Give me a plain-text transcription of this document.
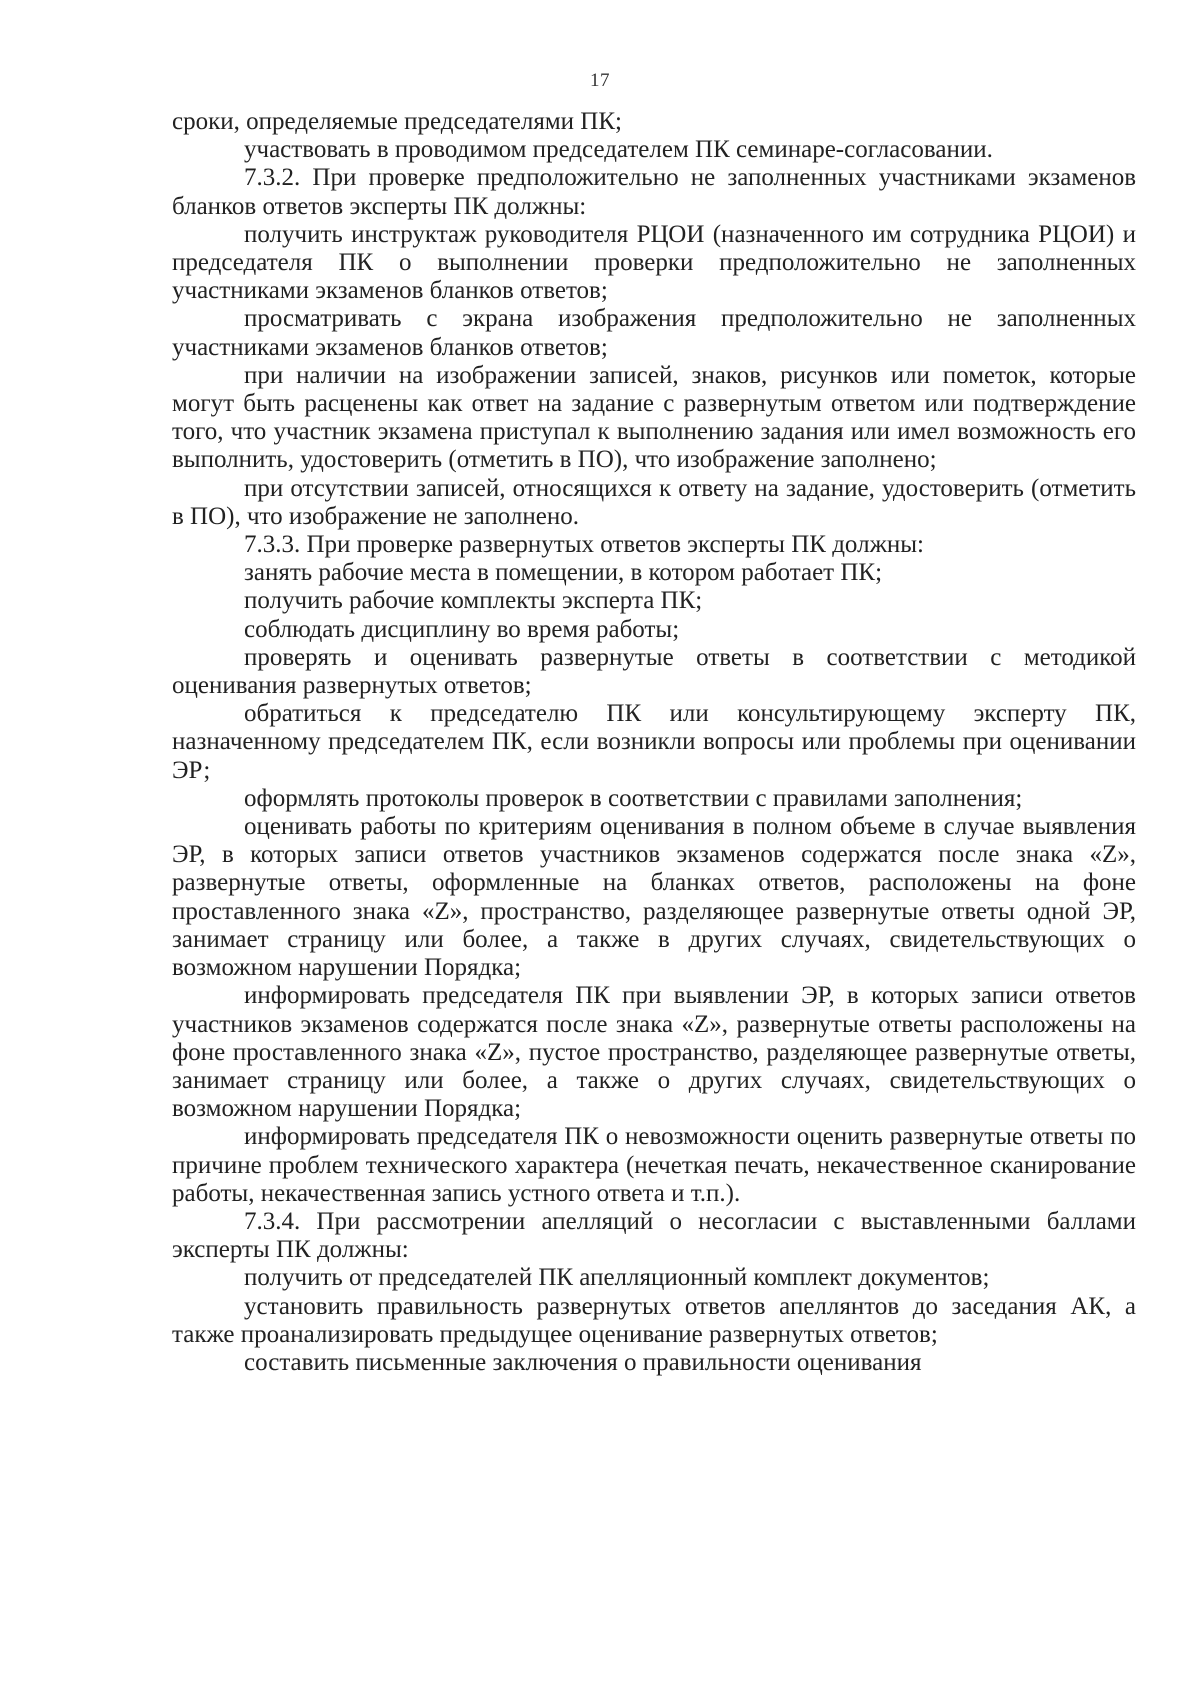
17

сроки, определяемые председателями ПК;

участвовать в проводимом председателем ПК семинаре-согласовании.

7.3.2. При проверке предположительно не заполненных участниками экзаменов бланков ответов эксперты ПК должны:

получить инструктаж руководителя РЦОИ (назначенного им сотрудника РЦОИ) и председателя ПК о выполнении проверки предположительно не заполненных участниками экзаменов бланков ответов;

просматривать с экрана изображения предположительно не заполненных участниками экзаменов бланков ответов;

при наличии на изображении записей, знаков, рисунков или пометок, которые могут быть расценены как ответ на задание с развернутым ответом или подтверждение того, что участник экзамена приступал к выполнению задания или имел возможность его выполнить, удостоверить (отметить в ПО), что изображение заполнено;

при отсутствии записей, относящихся к ответу на задание, удостоверить (отметить в ПО), что изображение не заполнено.

7.3.3. При проверке развернутых ответов эксперты ПК должны:

занять рабочие места в помещении, в котором работает ПК;

получить рабочие комплекты эксперта ПК;

соблюдать дисциплину во время работы;

проверять и оценивать развернутые ответы в соответствии с методикой оценивания развернутых ответов;

обратиться к председателю ПК или консультирующему эксперту ПК, назначенному председателем ПК, если возникли вопросы или проблемы при оценивании ЭР;

оформлять протоколы проверок в соответствии с правилами заполнения;

оценивать работы по критериям оценивания в полном объеме в случае выявления ЭР, в которых записи ответов участников экзаменов содержатся после знака «Z», развернутые ответы, оформленные на бланках ответов, расположены на фоне проставленного знака «Z», пространство, разделяющее развернутые ответы одной ЭР, занимает страницу или более, а также в других случаях, свидетельствующих о возможном нарушении Порядка;

информировать председателя ПК при выявлении ЭР, в которых записи ответов участников экзаменов содержатся после знака «Z», развернутые ответы расположены на фоне проставленного знака «Z», пустое пространство, разделяющее развернутые ответы, занимает страницу или более, а также о других случаях, свидетельствующих о возможном нарушении Порядка;

информировать председателя ПК о невозможности оценить развернутые ответы по причине проблем технического характера (нечеткая печать, некачественное сканирование работы, некачественная запись устного ответа и т.п.).

7.3.4. При рассмотрении апелляций о несогласии с выставленными баллами эксперты ПК должны:

получить от председателей ПК апелляционный комплект документов;

установить правильность развернутых ответов апеллянтов до заседания АК, а также проанализировать предыдущее оценивание развернутых ответов;

составить письменные заключения о правильности оценивания
